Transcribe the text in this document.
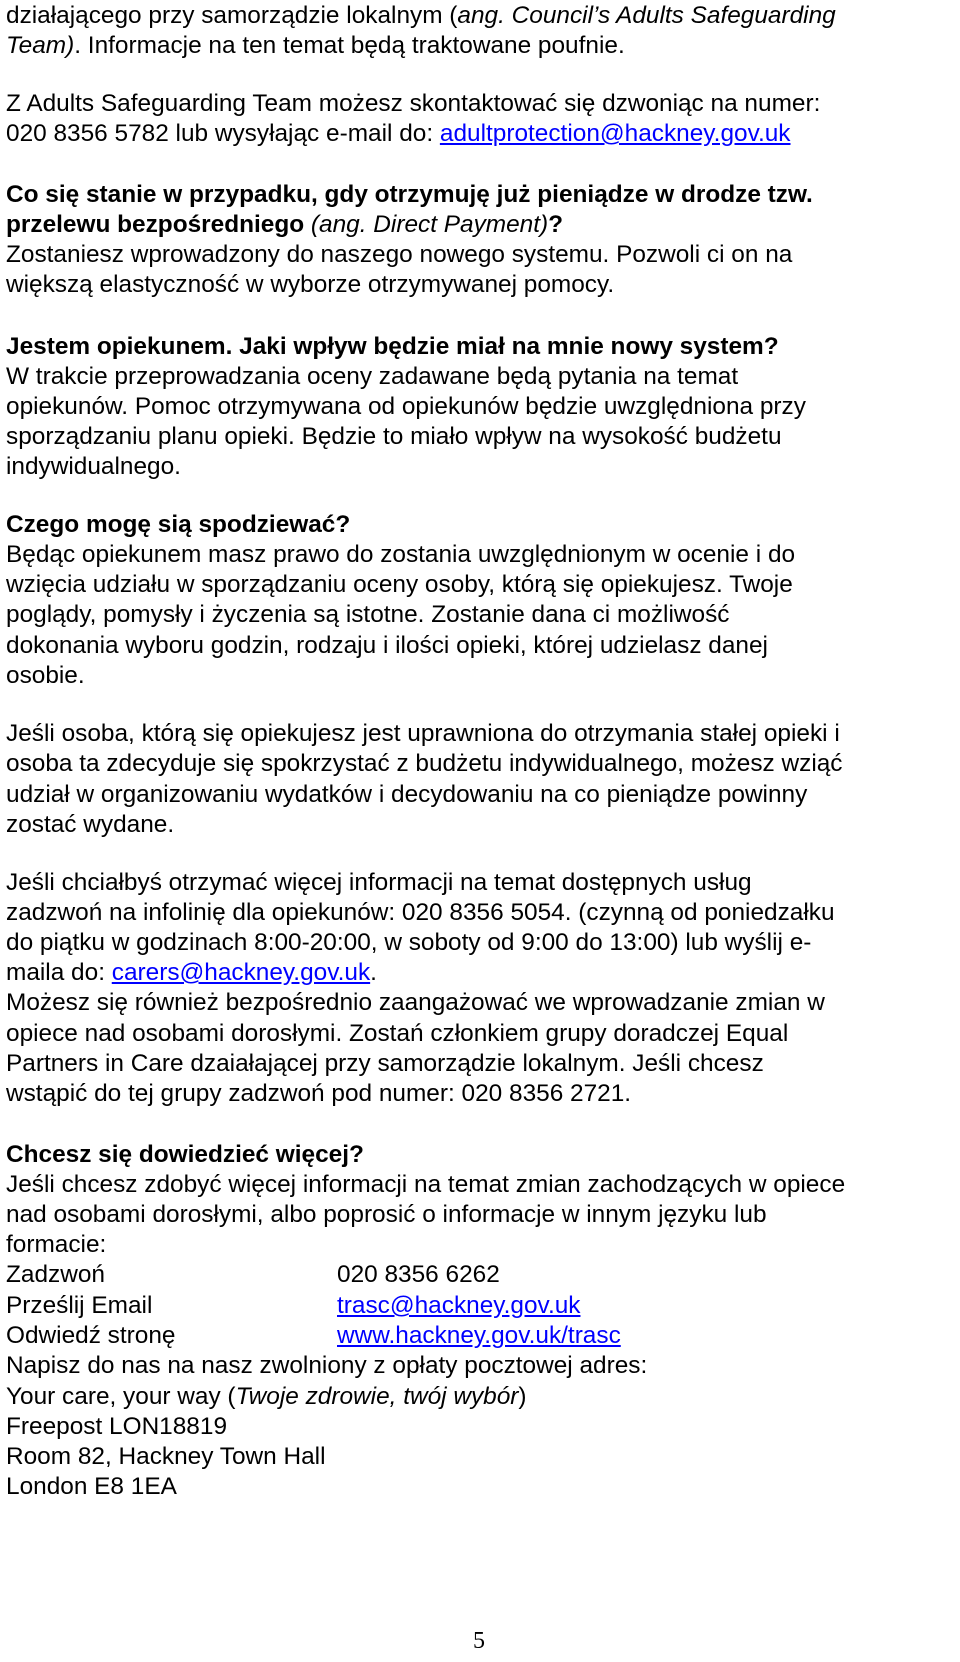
działającego przy samorządzie lokalnym (ang. Council’s Adults Safeguarding
Team). Informacje na ten temat będą traktowane poufnie.
Z Adults Safeguarding Team możesz skontaktować się dzwoniąc na numer:
020 8356 5782 lub wysyłając e-mail do: adultprotection@hackney.gov.uk
Co się stanie w przypadku, gdy otrzymuję już pieniądze w drodze tzw.
przelewu bezpośredniego (ang. Direct Payment)?
Zostaniesz wprowadzony do naszego nowego systemu. Pozwoli ci on na
większą elastyczność w wyborze otrzymywanej pomocy.
Jestem opiekunem. Jaki wpływ będzie miał na mnie nowy system?
W trakcie przeprowadzania oceny zadawane będą pytania na temat
opiekunów. Pomoc otrzymywana od opiekunów będzie uwzględniona przy
sporządzaniu planu opieki. Będzie to miało wpływ na wysokość budżetu
indywidualnego.
Czego mogę sią spodziewać?
Będąc opiekunem masz prawo do zostania uwzględnionym w ocenie i do
wzięcia udziału w sporządzaniu oceny osoby, którą się opiekujesz. Twoje
poglądy, pomysły i życzenia są istotne. Zostanie dana ci możliwość
dokonania wyboru godzin, rodzaju i ilości opieki, której udzielasz danej
osobie.
Jeśli osoba, którą się opiekujesz jest uprawniona do otrzymania stałej opieki i
osoba ta zdecyduje się spokrzystać z budżetu indywidualnego, możesz wziąć
udział w organizowaniu wydatków i decydowaniu na co pieniądze powinny
zostać wydane.
Jeśli chciałbyś otrzymać więcej informacji na temat dostępnych usług
zadzwoń na infolinię dla opiekunów: 020 8356 5054. (czynną od poniedzałku
do piątku w godzinach 8:00-20:00, w soboty od 9:00 do 13:00) lub wyślij e-
maila do: carers@hackney.gov.uk.
Możesz się również bezpośrednio zaangażować we wprowadzanie zmian w
opiece nad osobami dorosłymi. Zostań członkiem grupy doradczej Equal
Partners in Care dzaiałającej przy samorządzie lokalnym. Jeśli chcesz
wstąpić do tej grupy zadzwoń pod numer: 020 8356 2721.
Chcesz się dowiedzieć więcej?
Jeśli chcesz zdobyć więcej informacji na temat zmian zachodzących w opiece
nad osobami dorosłymi, albo poprosić o informacje w innym języku lub
formacie:
Zadzwoń	020 8356 6262
Prześlij Email	trasc@hackney.gov.uk
Odwiedź stronę	www.hackney.gov.uk/trasc
Napisz do nas na nasz zwolniony z opłaty pocztowej adres:
Your care, your way (Twoje zdrowie, twój wybór)
Freepost LON18819
Room 82, Hackney Town Hall
London E8 1EA
5
